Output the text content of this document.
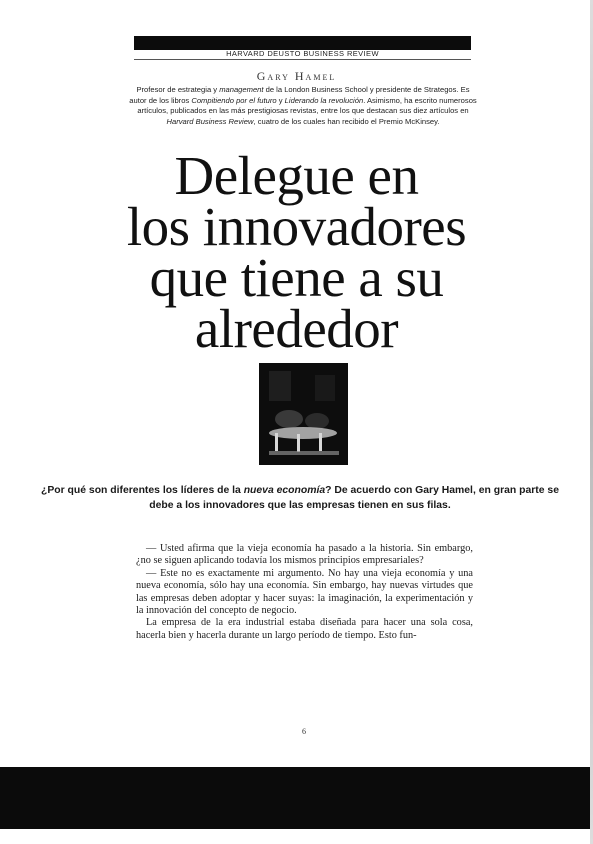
HARVARD DEUSTO BUSINESS REVIEW
Gary Hamel
Profesor de estrategia y management de la London Business School y presidente de Strategos. Es autor de los libros Compitiendo por el futuro y Liderando la revolución. Asimismo, ha escrito numerosos artículos, publicados en las más prestigiosas revistas, entre los que destacan sus diez artículos en Harvard Business Review, cuatro de los cuales han recibido el Premio McKinsey.
Delegue en
los innovadores
que tiene a su
alrededor
¿Por qué son diferentes los líderes de la nueva economía? De acuerdo con Gary Hamel, en gran parte se debe a los innovadores que las empresas tienen en sus filas.

— Usted afirma que la vieja economía ha pasado a la historia. Sin embargo, ¿no se siguen aplicando todavía los mismos principios empresariales?

— Este no es exactamente mi argumento. No hay una vieja economía y una nueva economía, sólo hay una economía. Sin embargo, hay nuevas virtudes que las empresas deben adoptar y hacer suyas: la imaginación, la experimentación y la innovación del concepto de negocio.

La empresa de la era industrial estaba diseñada para hacer una sola cosa, hacerla bien y hacerla durante un largo período de tiempo. Esto fun-

6
